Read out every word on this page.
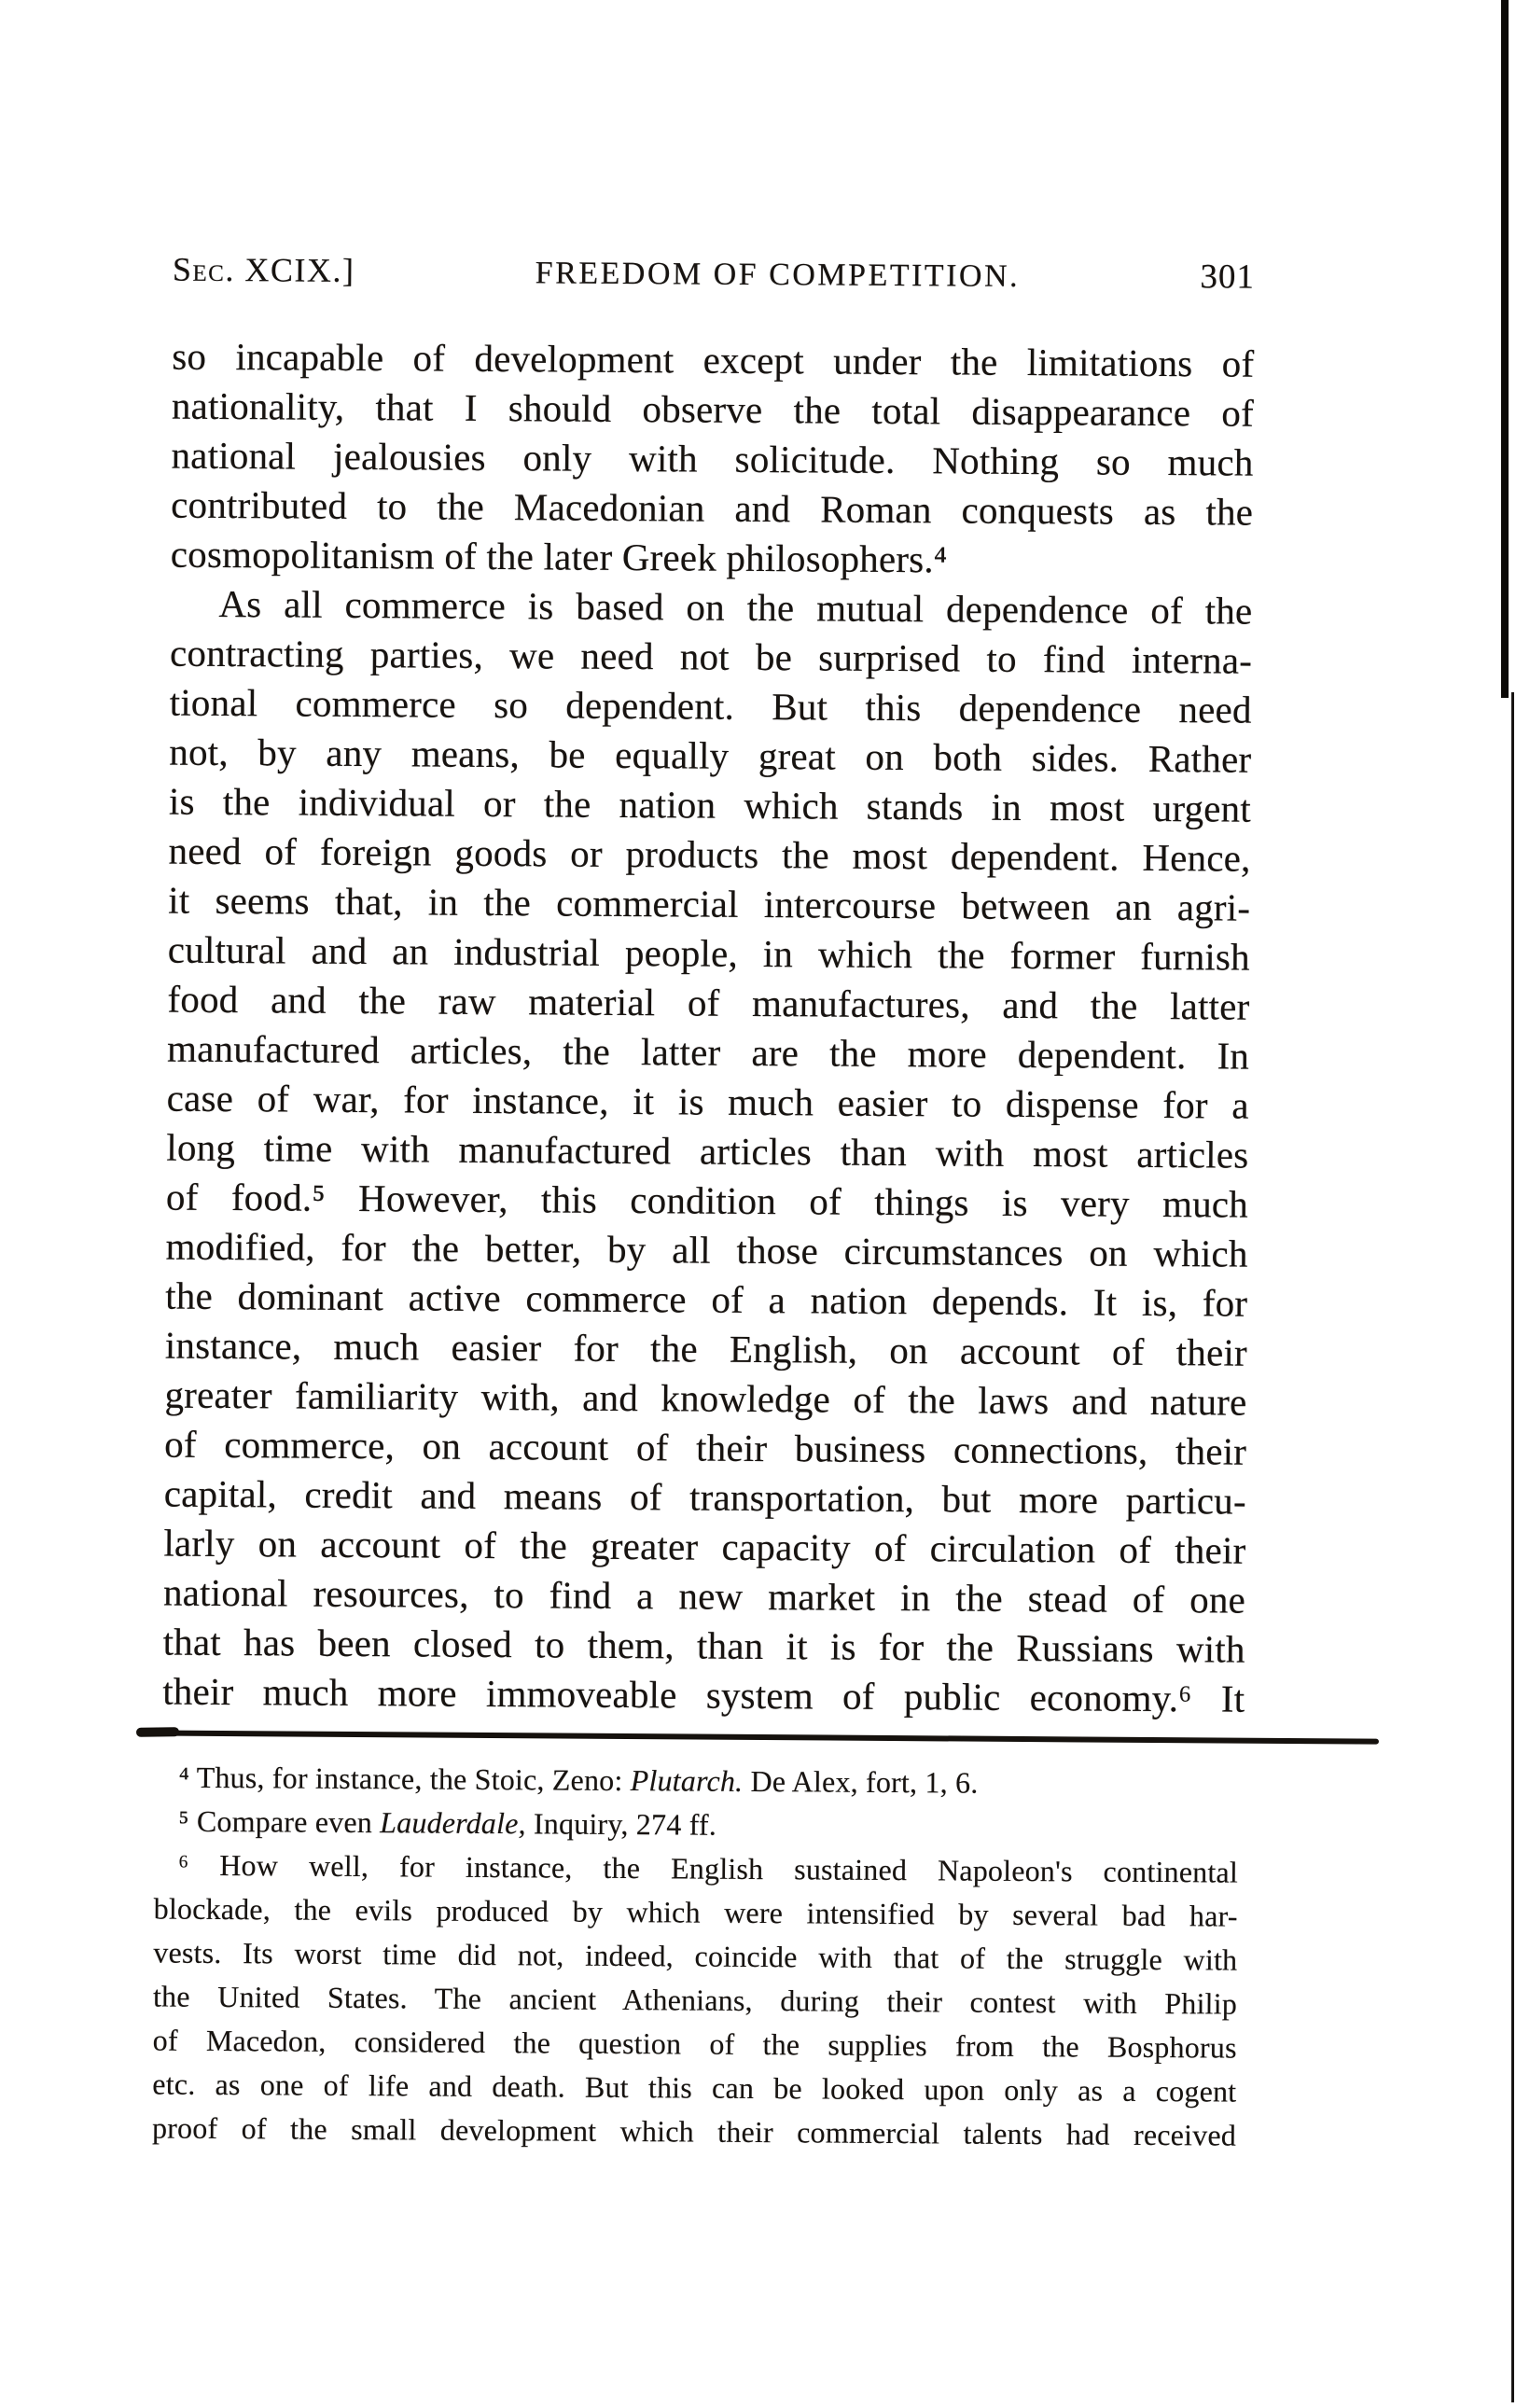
Sec. XCIX.]	FREEDOM OF COMPETITION.	301
so incapable of development except under the limitations of
nationality, that I should observe the total disappearance of
national jealousies only with solicitude. Nothing so much
contributed to the Macedonian and Roman conquests as the
cosmopolitanism of the later Greek philosophers.⁴
As all commerce is based on the mutual dependence of the
contracting parties, we need not be surprised to find interna-
tional commerce so dependent. But this dependence need
not, by any means, be equally great on both sides. Rather
is the individual or the nation which stands in most urgent
need of foreign goods or products the most dependent. Hence,
it seems that, in the commercial intercourse between an agri-
cultural and an industrial people, in which the former furnish
food and the raw material of manufactures, and the latter
manufactured articles, the latter are the more dependent. In
case of war, for instance, it is much easier to dispense for a
long time with manufactured articles than with most articles
of food.⁵ However, this condition of things is very much
modified, for the better, by all those circumstances on which
the dominant active commerce of a nation depends. It is, for
instance, much easier for the English, on account of their
greater familiarity with, and knowledge of the laws and nature
of commerce, on account of their business connections, their
capital, credit and means of transportation, but more particu-
larly on account of the greater capacity of circulation of their
national resources, to find a new market in the stead of one
that has been closed to them, than it is for the Russians with
their much more immoveable system of public economy.⁶ It
⁴ Thus, for instance, the Stoic, Zeno: Plutarch. De Alex, fort, 1, 6.
⁵ Compare even Lauderdale, Inquiry, 274 ff.
⁶ How well, for instance, the English sustained Napoleon's continental
blockade, the evils produced by which were intensified by several bad har-
vests. Its worst time did not, indeed, coincide with that of the struggle with
the United States. The ancient Athenians, during their contest with Philip
of Macedon, considered the question of the supplies from the Bosphorus
etc. as one of life and death. But this can be looked upon only as a cogent
proof of the small development which their commercial talents had received
